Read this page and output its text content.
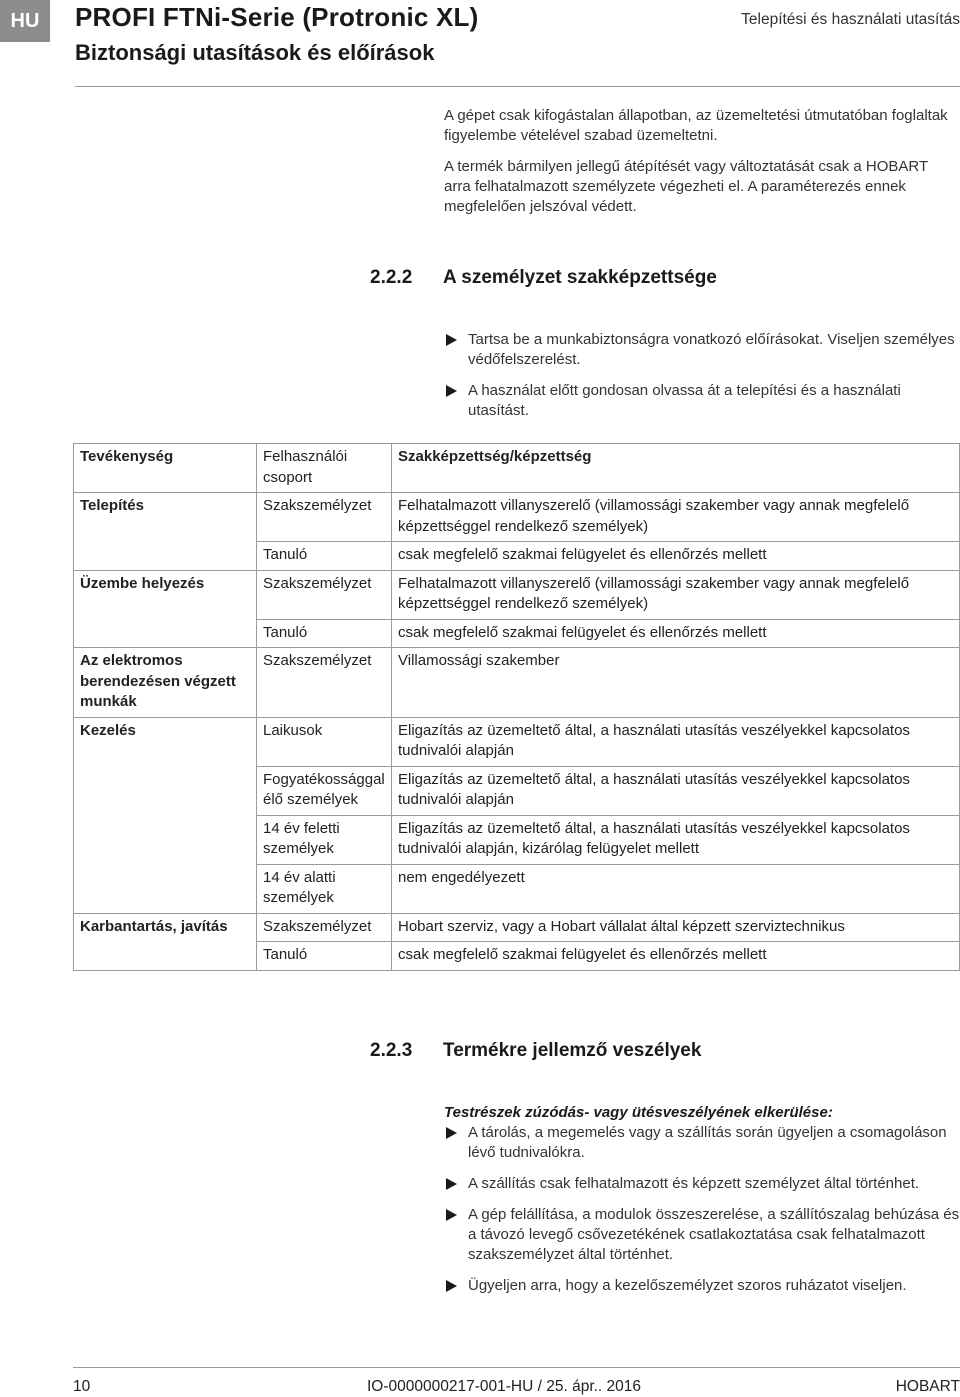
HU	PROFI FTNi-Serie (Protronic XL)
Biztonsági utasítások és előírások
Telepítési és használati utasítás

A gépet csak kifogástalan állapotban, az üzemeltetési útmutatóban foglaltak figyelembe vételével szabad üzemeltetni.

A termék bármilyen jellegű átépítését vagy változtatását csak a HOBART arra felhatalmazott személyzete végezheti el. A paraméterezés ennek megfelelően jelszóval védett.

2.2.2 A személyzet szakképzettsége
Tartsa be a munkabiztonságra vonatkozó előírásokat. Viseljen személyes védőfelszerelést.
A használat előtt gondosan olvassa át a telepítési és a használati utasítást.
Tevékenység	Felhasználói csoport	Szakképzettség/képzettség
Telepítés	Szakszemélyzet	Felhatalmazott villanyszerelő (villamossági szakember vagy annak megfelelő képzettséggel rendelkező személyek)
	Tanuló	csak megfelelő szakmai felügyelet és ellenőrzés mellett
Üzembe helyezés	Szakszemélyzet	Felhatalmazott villanyszerelő (villamossági szakember vagy annak megfelelő képzettséggel rendelkező személyek)
	Tanuló	csak megfelelő szakmai felügyelet és ellenőrzés mellett
Az elektromos berendezésen végzett munkák	Szakszemélyzet	Villamossági szakember
Kezelés	Laikusok	Eligazítás az üzemeltető által, a használati utasítás veszélyekkel kapcsolatos tudnivalói alapján
	Fogyatékossággal élő személyek	Eligazítás az üzemeltető által, a használati utasítás veszélyekkel kapcsolatos tudnivalói alapján
	14 év feletti személyek	Eligazítás az üzemeltető által, a használati utasítás veszélyekkel kapcsolatos tudnivalói alapján, kizárólag felügyelet mellett
	14 év alatti személyek	nem engedélyezett
Karbantartás, javítás	Szakszemélyzet	Hobart szerviz, vagy a Hobart vállalat által képzett szerviztechnikus
	Tanuló	csak megfelelő szakmai felügyelet és ellenőrzés mellett
2.2.3 Termékre jellemző veszélyek

Testrészek zúzódás- vagy ütésveszélyének elkerülése:

A tárolás, a megemelés vagy a szállítás során ügyeljen a csomagoláson lévő tudnivalókra.
A szállítás csak felhatalmazott és képzett személyzet által történhet.
A gép felállítása, a modulok összeszerelése, a szállítószalag behúzása és a távozó levegő csővezetékének csatlakoztatása csak felhatalmazott szakszemélyzet által történhet.
Ügyeljen arra, hogy a kezelőszemélyzet szoros ruházatot viseljen.
10	IO-0000000217-001-HU / 25. ápr.. 2016	HOBART
